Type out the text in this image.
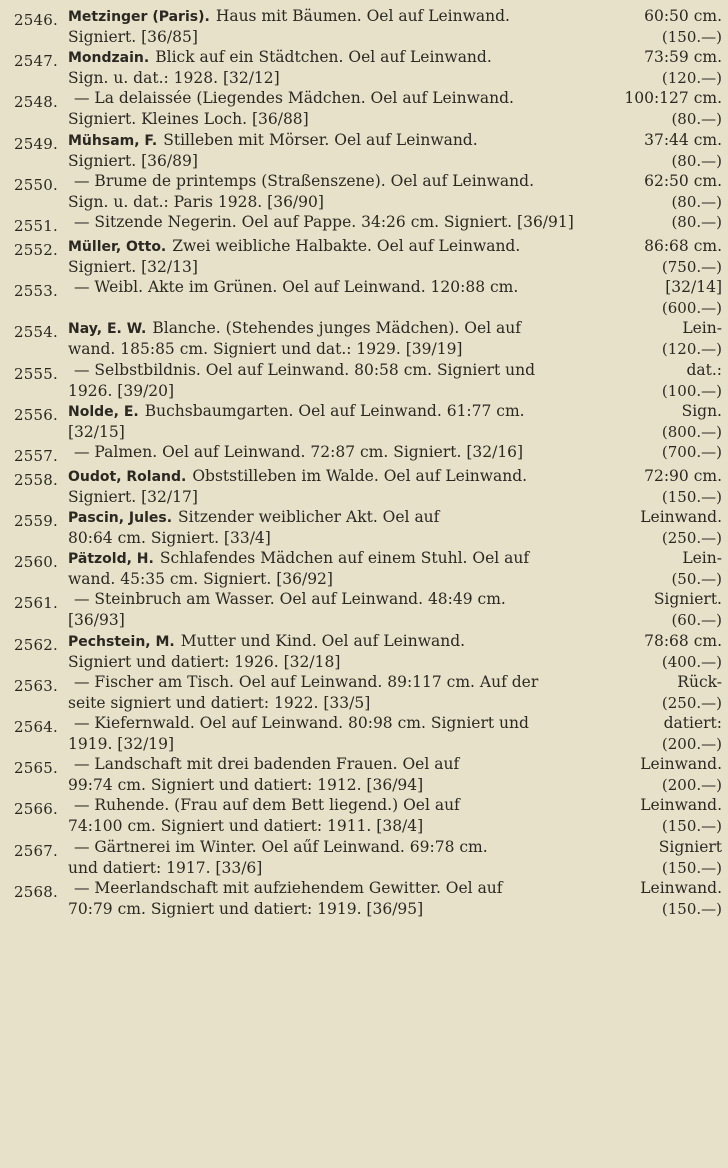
2546. Metzinger (Paris). Haus mit Bäumen. Oel auf Leinwand.	60:50 cm.
Signiert. [36/85]	(150.—)
2547. Mondzain. Blick auf ein Städtchen. Oel auf Leinwand.	73:59 cm.
Sign. u. dat.: 1928. [32/12]	(120.—)
2548.	— La delaissée (Liegendes Mädchen. Oel auf Leinwand.	100:127 cm.
Signiert. Kleines Loch. [36/88]	(80.—)
2549. Mühsam, F. Stilleben mit Mörser. Oel auf Leinwand.	37:44 cm.
Signiert. [36/89]	(80.—)
2550.	— Brume de printemps (Straßenszene). Oel auf Leinwand.	62:50 cm.
Sign. u. dat.: Paris 1928. [36/90]	(80.—)
2551.	— Sitzende Negerin. Oel auf Pappe. 34:26 cm. Signiert. [36/91]	(80.—)
2552. Müller, Otto. Zwei weibliche Halbakte. Oel auf Leinwand.	86:68 cm.
Signiert. [32/13]	(750.—)
2553.	— Weibl. Akte im Grünen. Oel auf Leinwand. 120:88 cm.	[32/14]
(600.—)
2554. Nay, E. W. Blanche. (Stehendes junges Mädchen). Oel auf	Lein-
wand. 185:85 cm. Signiert und dat.: 1929. [39/19]	(120.—)
2555.	— Selbstbildnis. Oel auf Leinwand. 80:58 cm. Signiert und	dat.:
1926. [39/20]	(100.—)
2556. Nolde, E. Buchsbaumgarten. Oel auf Leinwand. 61:77 cm.	Sign.
[32/15]	(800.—)
2557.	— Palmen. Oel auf Leinwand. 72:87 cm. Signiert. [32/16]	(700.—)
2558. Oudot, Roland. Obststilleben im Walde. Oel auf Leinwand.	72:90 cm.
Signiert. [32/17]	(150.—)
2559. Pascin, Jules. Sitzender weiblicher Akt. Oel auf	Leinwand.
80:64 cm. Signiert. [33/4]	(250.—)
2560. Pätzold, H. Schlafendes Mädchen auf einem Stuhl. Oel auf	Lein-
wand. 45:35 cm. Signiert. [36/92]	(50.—)
2561.	— Steinbruch am Wasser. Oel auf Leinwand. 48:49 cm.	Signiert.
[36/93]	(60.—)
2562. Pechstein, M. Mutter und Kind. Oel auf Leinwand.	78:68 cm.
Signiert und datiert: 1926. [32/18]	(400.—)
2563.	— Fischer am Tisch. Oel auf Leinwand. 89:117 cm. Auf der	Rück-
seite signiert und datiert: 1922. [33/5]	(250.—)
2564.	— Kiefernwald. Oel auf Leinwand. 80:98 cm. Signiert und	datiert:
1919. [32/19]	(200.—)
2565.	— Landschaft mit drei badenden Frauen. Oel auf	Leinwand.
99:74 cm. Signiert und datiert: 1912. [36/94]	(200.—)
2566.	— Ruhende. (Frau auf dem Bett liegend.) Oel auf	Leinwand.
74:100 cm. Signiert und datiert: 1911. [38/4]	(150.—)
2567.	— Gärtnerei im Winter. Oel aűf Leinwand. 69:78 cm.	Signiert
und datiert: 1917. [33/6]	(150.—)
2568.	— Meerlandschaft mit aufziehendem Gewitter. Oel auf	Leinwand.
70:79 cm. Signiert und datiert: 1919. [36/95]	(150.—)
